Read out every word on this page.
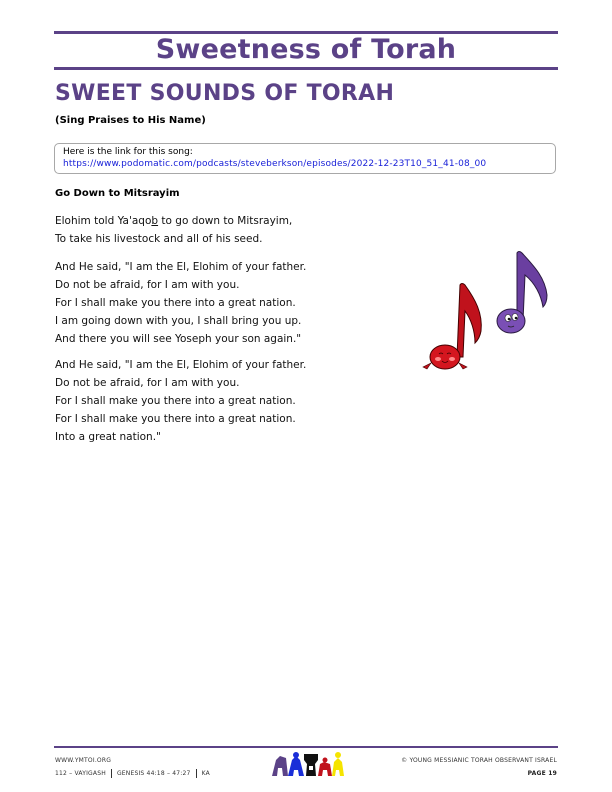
Sweetness of Torah
SWEET SOUNDS OF TORAH
(Sing Praises to His Name)
Here is the link for this song:
https://www.podomatic.com/podcasts/steveberkson/episodes/2022-12-23T10_51_41-08_00
Go Down to Mitsrayim
Elohim told Ya'aqob to go down to Mitsrayim,
To take his livestock and all of his seed.
And He said, "I am the El, Elohim of your father.
Do not be afraid, for I am with you.
For I shall make you there into a great nation.
I am going down with you, I shall bring you up.
And there you will see Yoseph your son again."
And He said, "I am the El, Elohim of your father.
Do not be afraid, for I am with you.
For I shall make you there into a great nation.
For I shall make you there into a great nation.
Into a great nation."
WWW.YMTOI.ORG
112 – VAYIGASH GENESIS 44:18 – 47:27 KA
© YOUNG MESSIANIC TORAH OBSERVANT ISRAEL
PAGE 19
